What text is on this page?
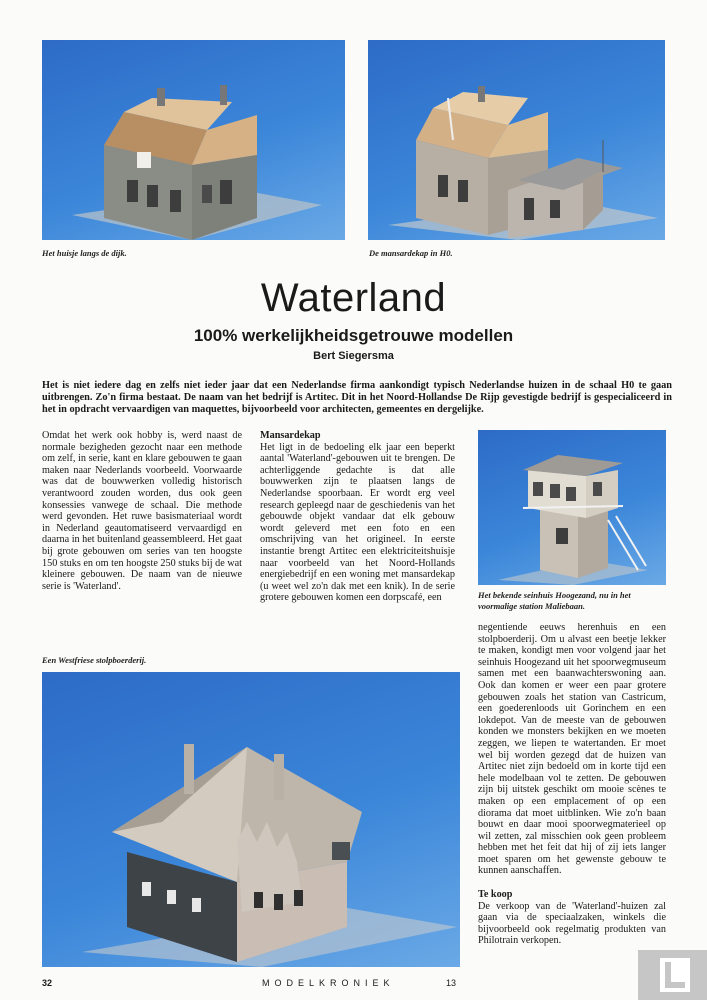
Het huisje langs de dijk.	De mansardekap in H0.
Waterland
100% werkelijkheidsgetrouwe modellen
Bert Siegersma

Het is niet iedere dag en zelfs niet ieder jaar dat een Nederlandse firma aankondigt typisch Nederlandse huizen in de schaal H0 te gaan uitbrengen. Zo'n firma bestaat. De naam van het bedrijf is Artitec. Dit in het Noord-Hollandse De Rijp gevestigde bedrijf is gespecialiceerd in het in opdracht vervaardigen van maquettes, bijvoorbeeld voor architecten, gemeentes en dergelijke.

Omdat het werk ook hobby is, werd naast de normale bezigheden gezocht naar een methode om zelf, in serie, kant en klare gebouwen te gaan maken naar Nederlands voorbeeld. Voorwaarde was dat de bouwwerken volledig historisch verantwoord zouden worden, dus ook geen konsessies vanwege de schaal. Die methode werd gevonden. Het ruwe basismateriaal wordt in Nederland geautomatiseerd vervaardigd en daarna in het buitenland geassembleerd. Het gaat bij grote gebouwen om series van ten hoogste 150 stuks en om ten hoogste 250 stuks bij de wat kleinere gebouwen. De naam van de nieuwe serie is 'Waterland'.

Mansardekap
Het ligt in de bedoeling elk jaar een beperkt aantal 'Waterland'-gebouwen uit te brengen. De achterliggende gedachte is dat alle bouwwerken zijn te plaatsen langs de Nederlandse spoorbaan. Er wordt erg veel research gepleegd naar de geschiedenis van het gebouwde objekt vandaar dat elk gebouw wordt geleverd met een foto en een omschrijving van het origineel. In eerste instantie brengt Artitec een elektriciteitshuisje naar voorbeeld van het Noord-Hollands energiebedrijf en een woning met mansardekap (u weet wel zo'n dak met een knik). In de serie grotere gebouwen komen een dorpscafé, een	Het bekende seinhuis Hoogezand, nu in het
voormalige station Maliebaan.
negentiende eeuws herenhuis en een stolpboerderij. Om u alvast een beetje lekker te maken, kondigt men voor volgend jaar het seinhuis Hoogezand uit het spoorwegmuseum samen met een baanwachterswoning aan. Ook dan komen er weer een paar grotere gebouwen zoals het station van Castricum, een goederenloods uit Gorinchem en een lokdepot. Van de meeste van de gebouwen konden we monsters bekijken en we moeten zeggen, we liepen te watertanden. Er moet wel bij worden gezegd dat de huizen van Artitec niet zijn bedoeld om in korte tijd een hele modelbaan vol te zetten. De gebouwen zijn bij uitstek geschikt om mooie scènes te maken op een emplacement of op een diorama dat moet uitblinken. Wie zo'n baan bouwt en daar mooi spoorwegmaterieel op wil zetten, zal misschien ook geen probleem hebben met het feit dat hij of zij iets langer moet sparen om het gewenste gebouw te kunnen aanschaffen.
Te koop
De verkoop van de 'Waterland'-huizen zal gaan via de speciaalzaken, winkels die bijvoorbeeld ook regelmatig produkten van Philotrain verkopen.
Een Westfriese stolpboerderij.
32	MODELKRONIEK	13
